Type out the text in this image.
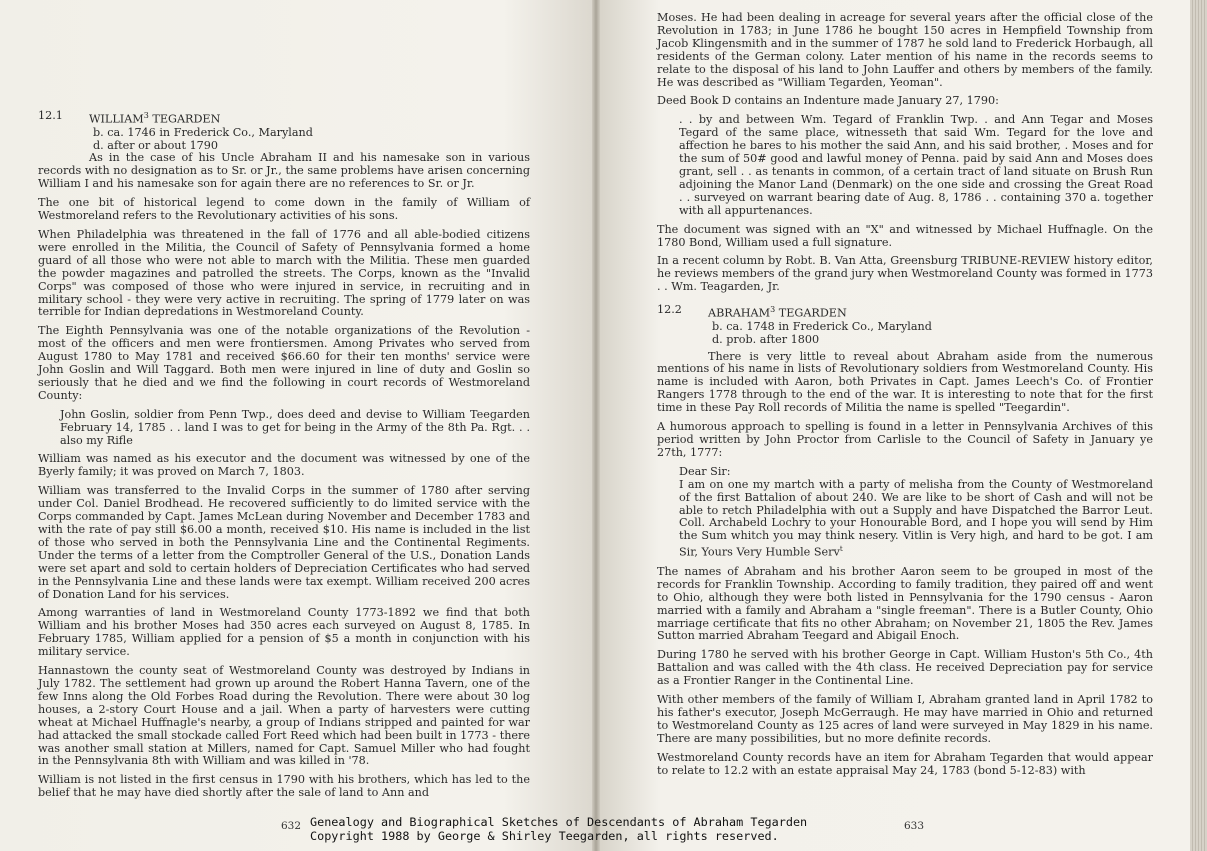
12.1	WILLIAM$^3$ TEGARDEN
b. ca. 1746 in Frederick Co., Maryland
d. after or about 1790

As in the case of his Uncle Abraham II and his namesake son in various records with no designation as to Sr. or Jr., the same problems have arisen concerning William I and his namesake son for again there are no references to Sr. or Jr.

The one bit of historical legend to come down in the family of William of Westmoreland refers to the Revolutionary activities of his sons.

When Philadelphia was threatened in the fall of 1776 and all able-bodied citizens were enrolled in the Militia, the Council of Safety of Pennsylvania formed a home guard of all those who were not able to march with the Militia. These men guarded the powder magazines and patrolled the streets. The Corps, known as the "Invalid Corps" was composed of those who were injured in service, in recruiting and in military school - they were very active in recruiting. The spring of 1779 later on was terrible for Indian depredations in Westmoreland County.

The Eighth Pennsylvania was one of the notable organizations of the Revolution - most of the officers and men were frontiersmen. Among Privates who served from August 1780 to May 1781 and received $66.60 for their ten months' service were John Goslin and Will Taggard. Both men were injured in line of duty and Goslin so seriously that he died and we find the following in court records of Westmoreland County:

John Goslin, soldier from Penn Twp., does deed and devise to William Teegarden February 14, 1785 . . land I was to get for being in the Army of the 8th Pa. Rgt. . . also my Rifle

William was named as his executor and the document was witnessed by one of the Byerly family; it was proved on March 7, 1803.

William was transferred to the Invalid Corps in the summer of 1780 after serving under Col. Daniel Brodhead. He recovered sufficiently to do limited service with the Corps commanded by Capt. James McLean during November and December 1783 and with the rate of pay still $6.00 a month, received $10. His name is included in the list of those who served in both the Pennsylvania Line and the Continental Regiments. Under the terms of a letter from the Comptroller General of the U.S., Donation Lands were set apart and sold to certain holders of Depreciation Certificates who had served in the Pennsylvania Line and these lands were tax exempt. William received 200 acres of Donation Land for his services.

Among warranties of land in Westmoreland County 1773-1892 we find that both William and his brother Moses had 350 acres each surveyed on August 8, 1785. In February 1785, William applied for a pension of $5 a month in conjunction with his military service.

Hannastown the county seat of Westmoreland County was destroyed by Indians in July 1782. The settlement had grown up around the Robert Hanna Tavern, one of the few Inns along the Old Forbes Road during the Revolution. There were about 30 log houses, a 2-story Court House and a jail. When a party of harvesters were cutting wheat at Michael Huffnagle's nearby, a group of Indians stripped and painted for war had attacked the small stockade called Fort Reed which had been built in 1773 - there was another small station at Millers, named for Capt. Samuel Miller who had fought in the Pennsylvania 8th with William and was killed in '78.

William is not listed in the first census in 1790 with his brothers, which has led to the belief that he may have died shortly after the sale of land to Ann and

Moses. He had been dealing in acreage for several years after the official close of the Revolution in 1783; in June 1786 he bought 150 acres in Hempfield Township from Jacob Klingensmith and in the summer of 1787 he sold land to Frederick Horbaugh, all residents of the German colony. Later mention of his name in the records seems to relate to the disposal of his land to John Lauffer and others by members of the family. He was described as "William Tegarden, Yeoman".

Deed Book D contains an Indenture made January 27, 1790:

. . by and between Wm. Tegard of Franklin Twp. . and Ann Tegar and Moses Tegard of the same place, witnesseth that said Wm. Tegard for the love and affection he bares to his mother the said Ann, and his said brother, . Moses and for the sum of 50# good and lawful money of Penna. paid by said Ann and Moses does grant, sell . . as tenants in common, of a certain tract of land situate on Brush Run adjoining the Manor Land (Denmark) on the one side and crossing the Great Road . . surveyed on warrant bearing date of Aug. 8, 1786 . . containing 370 a. together with all appurtenances.

The document was signed with an "X" and witnessed by Michael Huffnagle. On the 1780 Bond, William used a full signature.

In a recent column by Robt. B. Van Atta, Greensburg TRIBUNE-REVIEW history editor, he reviews members of the grand jury when Westmoreland County was formed in 1773 . . Wm. Teagarden, Jr.

12.2	ABRAHAM$^3$ TEGARDEN
b. ca. 1748 in Frederick Co., Maryland
d. prob. after 1800

There is very little to reveal about Abraham aside from the numerous mentions of his name in lists of Revolutionary soldiers from Westmoreland County. His name is included with Aaron, both Privates in Capt. James Leech's Co. of Frontier Rangers 1778 through to the end of the war. It is interesting to note that for the first time in these Pay Roll records of Militia the name is spelled "Teegardin".

A humorous approach to spelling is found in a letter in Pennsylvania Archives of this period written by John Proctor from Carlisle to the Council of Safety in January ye 27th, 1777:

Dear Sir:
I am on one my martch with a party of melisha from the County of Westmoreland of the first Battalion of about 240. We are like to be short of Cash and will not be able to retch Philadelphia with out a Supply and have Dispatched the Barror Leut. Coll. Archabeld Lochry to your Honourable Bord, and I hope you will send by Him the Sum whitch you may think nesery. Vitlin is Very high, and hard to be got. I am Sir, Yours Very Humble Serv$^t$

The names of Abraham and his brother Aaron seem to be grouped in most of the records for Franklin Township. According to family tradition, they paired off and went to Ohio, although they were both listed in Pennsylvania for the 1790 census - Aaron married with a family and Abraham a "single freeman". There is a Butler County, Ohio marriage certificate that fits no other Abraham; on November 21, 1805 the Rev. James Sutton married Abraham Teegard and Abigail Enoch.

During 1780 he served with his brother George in Capt. William Huston's 5th Co., 4th Battalion and was called with the 4th class. He received Depreciation pay for service as a Frontier Ranger in the Continental Line.

With other members of the family of William I, Abraham granted land in April 1782 to his father's executor, Joseph McGerraugh. He may have married in Ohio and returned to Westmoreland County as 125 acres of land were surveyed in May 1829 in his name. There are many possibilities, but no more definite records.

Westmoreland County records have an item for Abraham Tegarden that would appear to relate to 12.2 with an estate appraisal May 24, 1783 (bond 5-12-83) with

632	633
Genealogy and Biographical Sketches of Descendants of Abraham Tegarden
Copyright 1988 by George & Shirley Teegarden, all rights reserved.
